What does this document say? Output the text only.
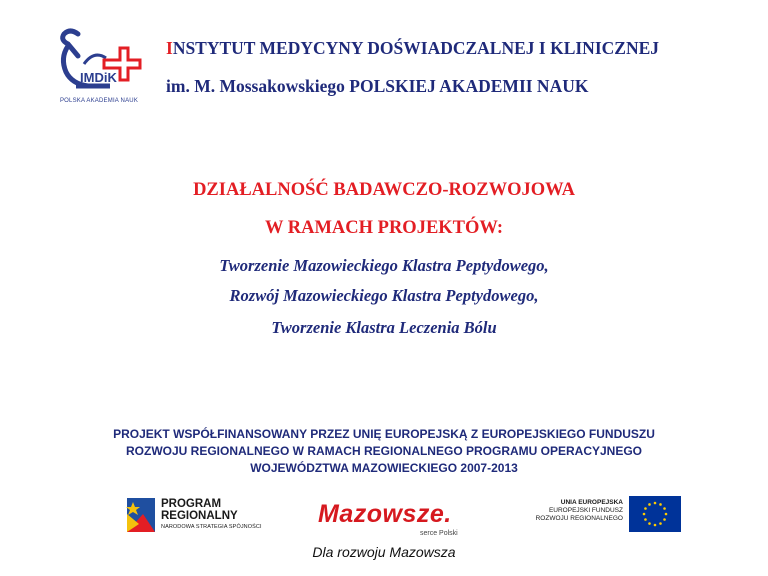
IMDiK
POLSKA AKADEMIA NAUK
INSTYTUT MEDYCYNY DOŚWIADCZALNEJ I KLINICZNEJ
im. M. Mossakowskiego POLSKIEJ AKADEMII NAUK
DZIAŁALNOŚĆ BADAWCZO-ROZWOJOWA
W RAMACH PROJEKTÓW:
Tworzenie Mazowieckiego Klastra Peptydowego,
Rozwój Mazowieckiego Klastra Peptydowego,
Tworzenie Klastra Leczenia Bólu
PROJEKT WSPÓŁFINANSOWANY PRZEZ UNIĘ EUROPEJSKĄ Z EUROPEJSKIEGO FUNDUSZU
ROZWOJU REGIONALNEGO W RAMACH REGIONALNEGO PROGRAMU OPERACYJNEGO
WOJEWÓDZTWA MAZOWIECKIEGO 2007-2013
PROGRAM
REGIONALNY
NARODOWA STRATEGIA SPÓJNOŚCI Mazowsze.
serce Polski
UNIA EUROPEJSKA
EUROPEJSKI FUNDUSZ
ROZWOJU REGIONALNEGO
Dla rozwoju Mazowsza
